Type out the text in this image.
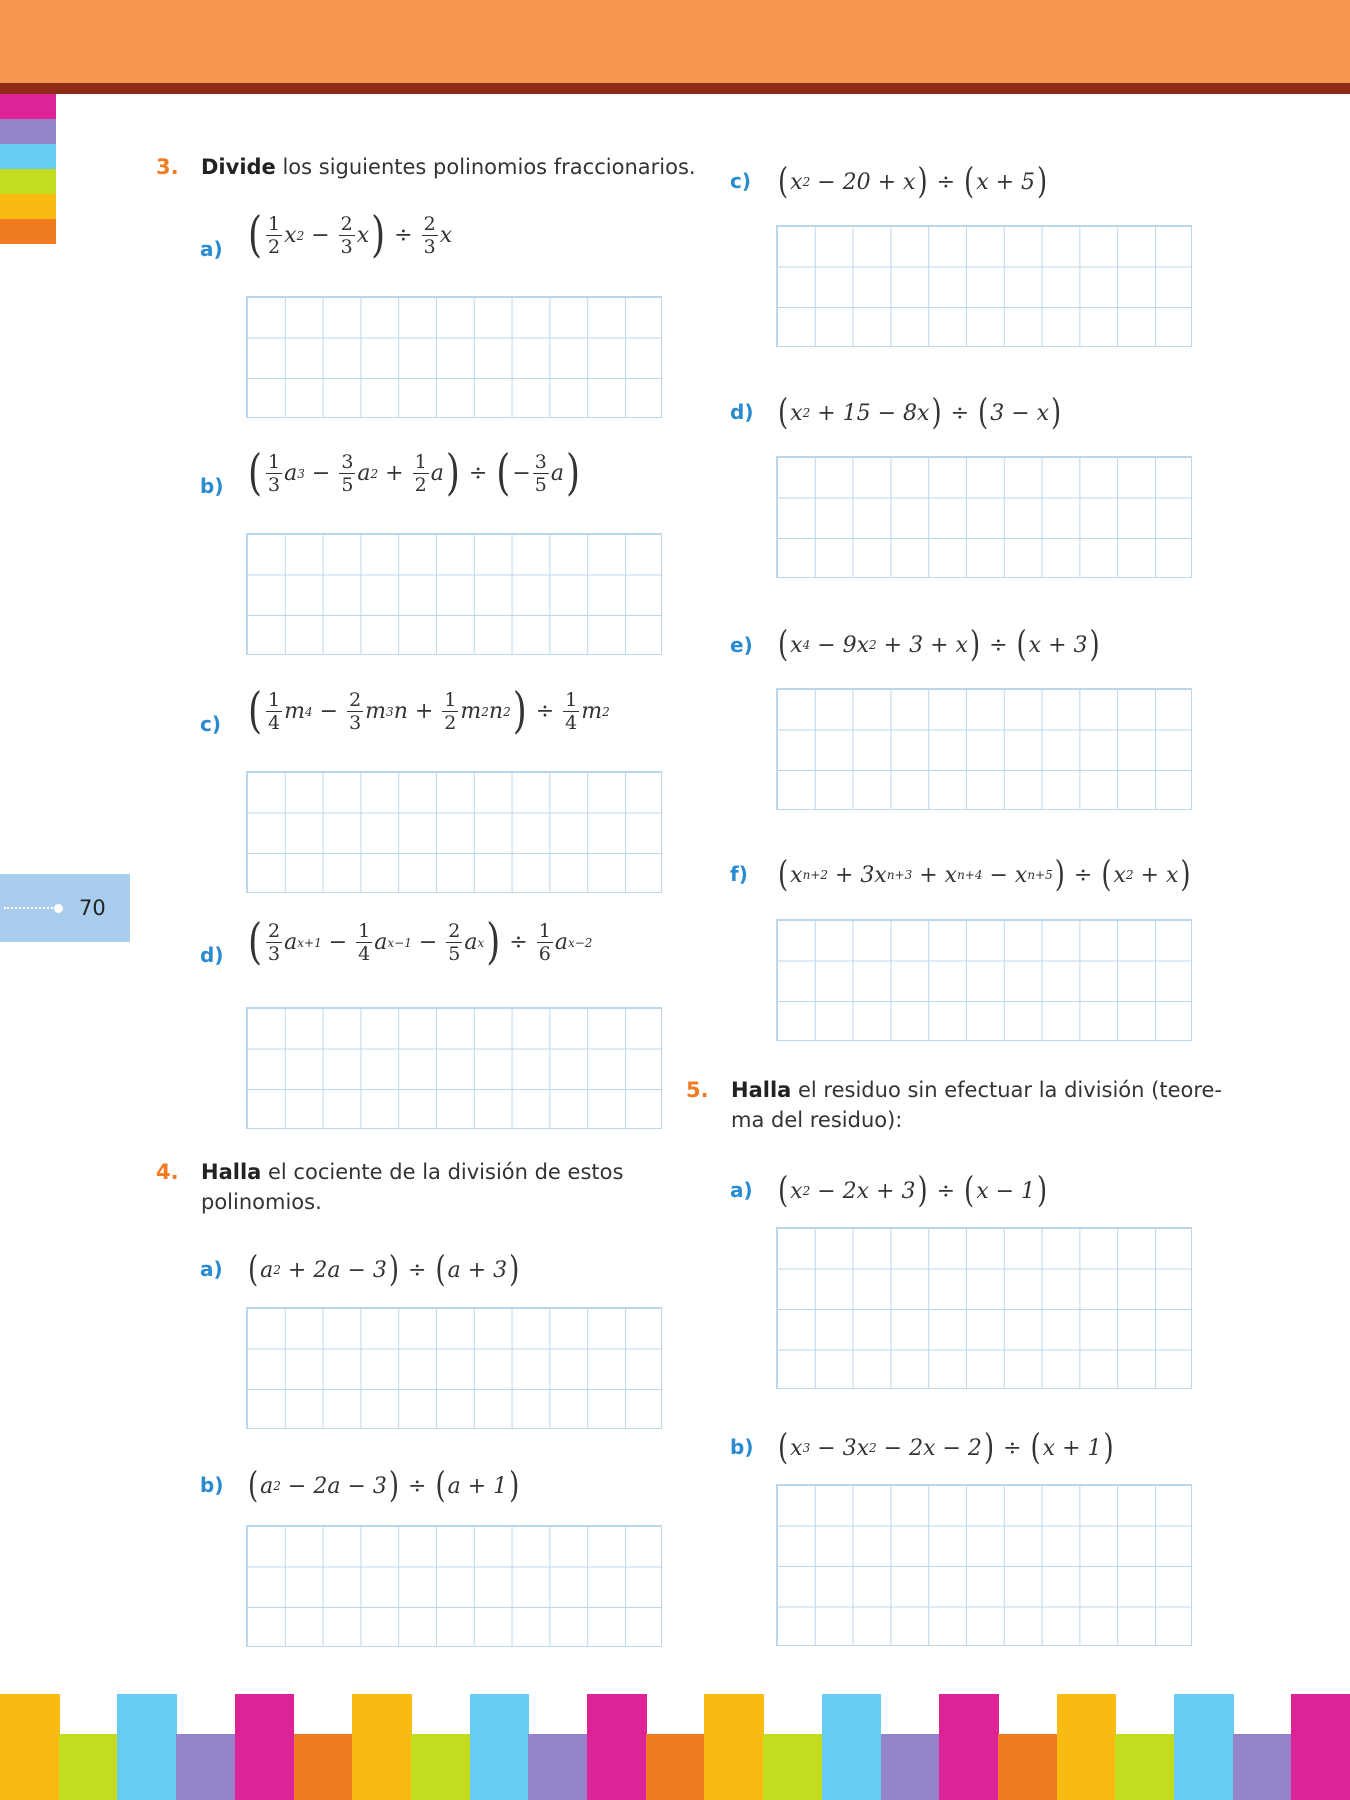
70
3. Divide los siguientes polinomios fraccionarios.
a) ( 1
2 x 2 − 2
3 x ) ÷ 2
3 x
b) ( 1
3 a 3 − 3
5 a 2 + 1
2 a ) ÷ ( − 3
5 a )
c) ( 1
4 m 4 − 2
3 m 3 n + 1
2 m 2 n 2 ) ÷ 1
4 m 2
d) ( 2
3 a x+1 − 1
4 a x−1 − 2
5 a x ) ÷ 1
6 a x−2
4. Halla el cociente de la división de estos
polinomios.
a) ( a 2 + 2a − 3 ) ÷ ( a + 3 )
b) ( a 2 − 2a − 3 ) ÷ ( a + 1 )
c) ( x 2 − 20 + x ) ÷ ( x + 5 )
d) ( x 2 + 15 − 8x ) ÷ ( 3 − x )
e) ( x 4 − 9x 2 + 3 + x ) ÷ ( x + 3 )
f) ( x n+2 + 3x n+3 + x n+4 − x n+5 ) ÷ ( x 2 + x )
5. Halla el residuo sin efectuar la división (teore-
ma del residuo):
a) ( x 2 − 2x + 3 ) ÷ ( x − 1 )
b) ( x 3 − 3x 2 − 2x − 2 ) ÷ ( x + 1 )
